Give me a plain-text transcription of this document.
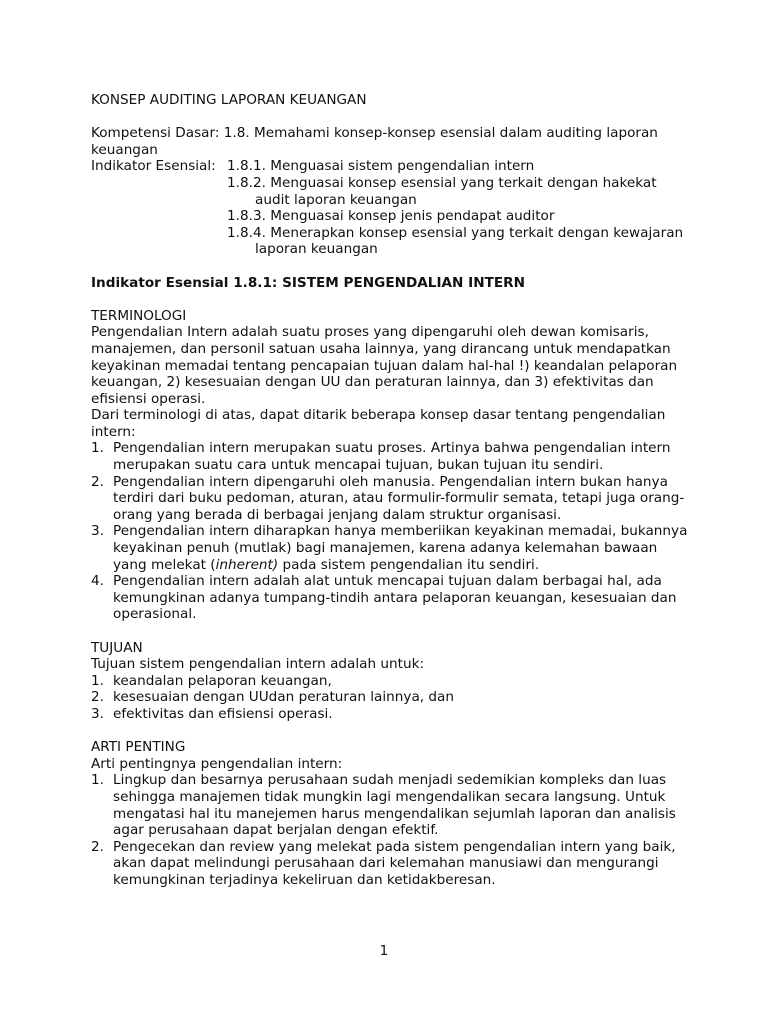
KONSEP AUDITING LAPORAN KEUANGAN

Kompetensi Dasar: 1.8. Memahami konsep-konsep esensial dalam auditing laporan keuangan

Indikator Esensial: 1.8.1. Menguasai sistem pengendalian intern
1.8.2. Menguasai konsep esensial yang terkait dengan hakekat audit laporan keuangan
1.8.3. Menguasai konsep jenis pendapat auditor
1.8.4. Menerapkan konsep esensial yang terkait dengan kewajaran laporan keuangan

Indikator Esensial 1.8.1: SISTEM PENGENDALIAN INTERN

TERMINOLOGI

Pengendalian Intern adalah suatu proses yang dipengaruhi oleh dewan komisaris, manajemen, dan personil satuan usaha lainnya, yang dirancang untuk mendapatkan keyakinan memadai tentang pencapaian tujuan dalam hal-hal !) keandalan pelaporan keuangan, 2) kesesuaian dengan UU dan peraturan lainnya, dan 3) efektivitas dan efisiensi operasi.

Dari terminologi di atas, dapat ditarik beberapa konsep dasar tentang pengendalian intern:

1. Pengendalian intern merupakan suatu proses. Artinya bahwa pengendalian intern merupakan suatu cara untuk mencapai tujuan, bukan tujuan itu sendiri.
2. Pengendalian intern dipengaruhi oleh manusia. Pengendalian intern bukan hanya terdiri dari buku pedoman, aturan, atau formulir-formulir semata, tetapi juga orang-orang yang berada di berbagai jenjang dalam struktur organisasi.
3. Pengendalian intern diharapkan hanya memberiikan keyakinan memadai, bukannya keyakinan penuh (mutlak) bagi manajemen, karena adanya kelemahan bawaan yang melekat (inherent) pada sistem pengendalian itu sendiri.
4. Pengendalian intern adalah alat untuk mencapai tujuan dalam berbagai hal, ada kemungkinan adanya tumpang-tindih antara pelaporan keuangan, kesesuaian dan operasional.

TUJUAN

Tujuan sistem pengendalian intern adalah untuk:

1. keandalan pelaporan keuangan,
2. kesesuaian dengan UUdan peraturan lainnya, dan
3. efektivitas dan efisiensi operasi.

ARTI PENTING

Arti pentingnya pengendalian intern:

1. Lingkup dan besarnya perusahaan sudah menjadi sedemikian kompleks dan luas sehingga manajemen tidak mungkin lagi mengendalikan secara langsung. Untuk mengatasi hal itu manejemen harus mengendalikan sejumlah laporan dan analisis agar perusahaan dapat berjalan dengan efektif.
2. Pengecekan dan review yang melekat pada sistem pengendalian intern yang baik, akan dapat melindungi perusahaan dari kelemahan manusiawi dan mengurangi kemungkinan terjadinya kekeliruan dan ketidakberesan.
1
